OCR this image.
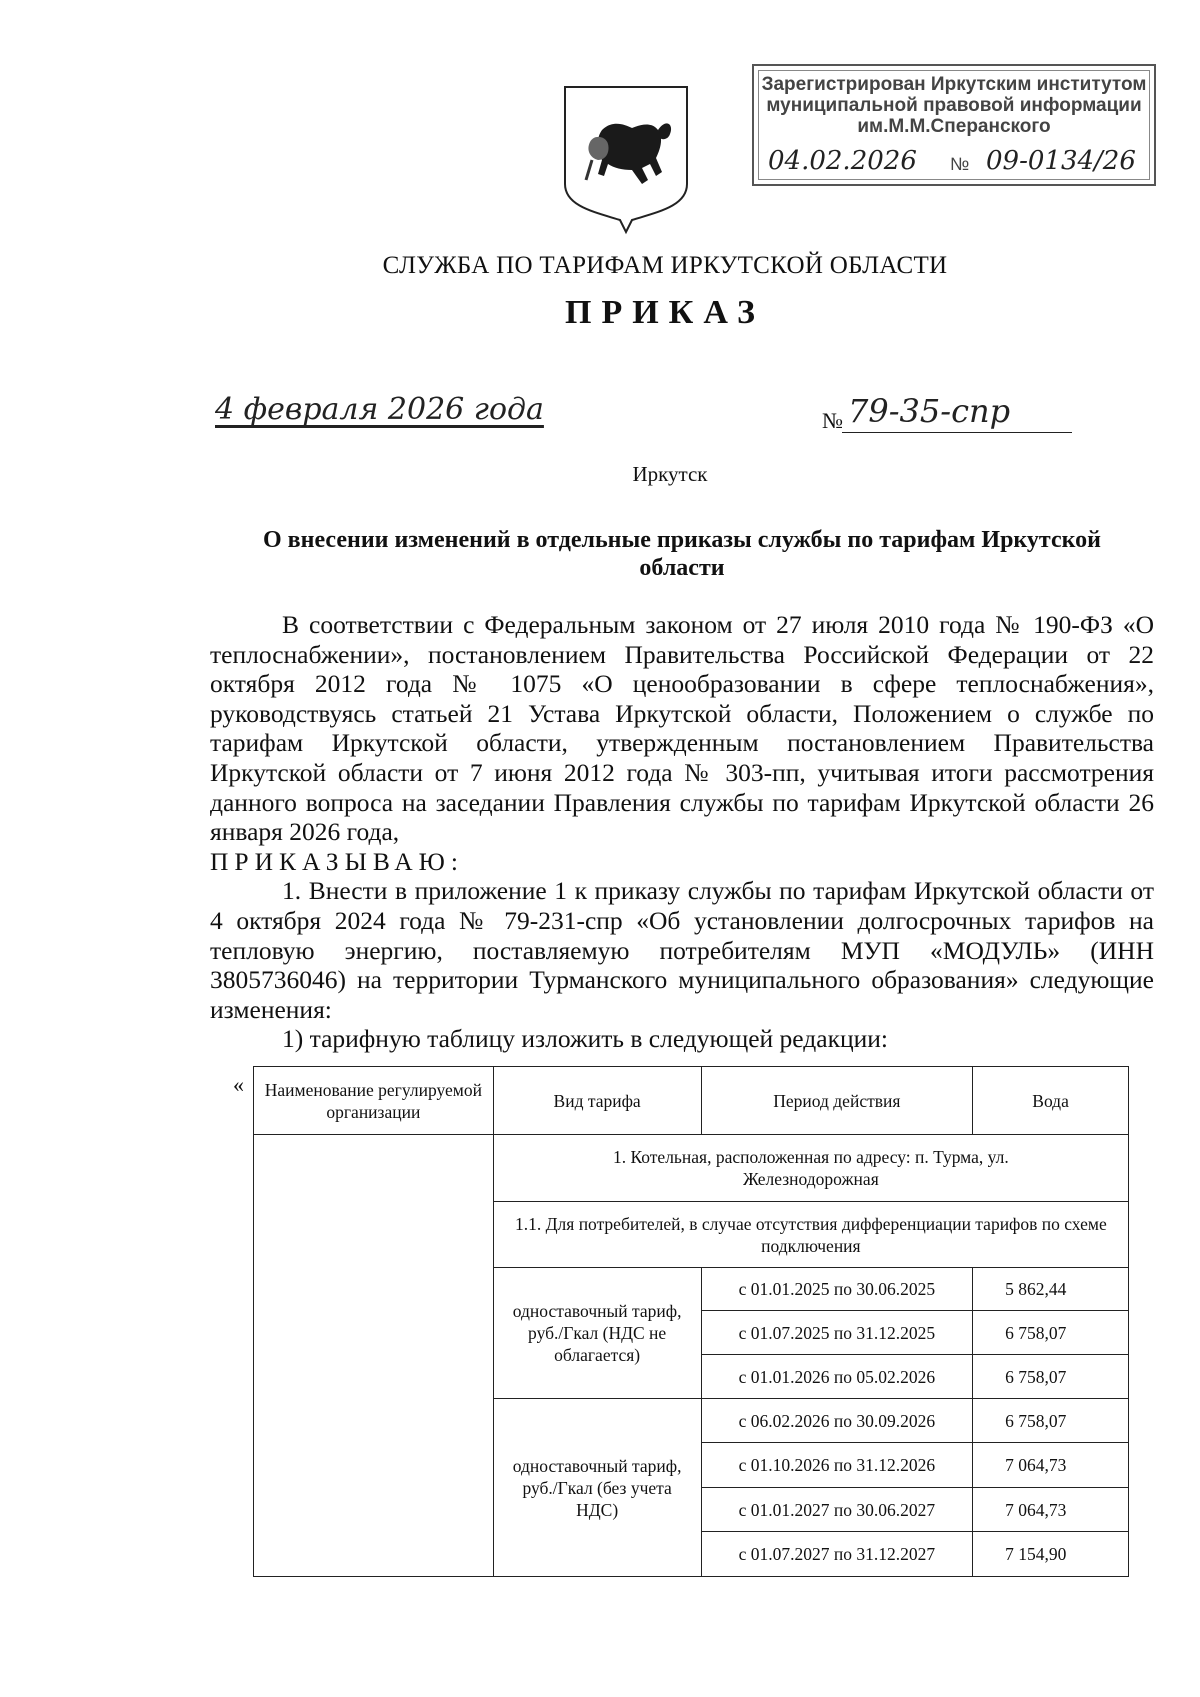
Зарегистрирован Иркутским институтом
муниципальной правовой информации
им.М.М.Сперанского
04.02.2026 № 09-0134/26
СЛУЖБА ПО ТАРИФАМ ИРКУТСКОЙ ОБЛАСТИ
ПРИКАЗ
4 февраля 2026 года	№ 79-35-спр
Иркутск
О внесении изменений в отдельные приказы службы по тарифам Иркутской
области

В соответствии с Федеральным законом от 27 июля 2010 года № 190-ФЗ «О теплоснабжении», постановлением Правительства Российской Федерации от 22 октября 2012 года № 1075 «О ценообразовании в сфере теплоснабжения», руководствуясь статьей 21 Устава Иркутской области, Положением о службе по тарифам Иркутской области, утвержденным постановлением Правительства Иркутской области от 7 июня 2012 года № 303-пп, учитывая итоги рассмотрения данного вопроса на заседании Правления службы по тарифам Иркутской области 26 января 2026 года,

ПРИКАЗЫВАЮ:

1. Внести в приложение 1 к приказу службы по тарифам Иркутской области от 4 октября 2024 года № 79-231-спр «Об установлении долгосрочных тарифов на тепловую энергию, поставляемую потребителям МУП «МОДУЛЬ» (ИНН 3805736046) на территории Турманского муниципального образования» следующие изменения:

1) тарифную таблицу изложить в следующей редакции:

« Наименование регулируемой организации	Вид тарифа	Период действия	Вода
	1. Котельная, расположенная по адресу: п. Турма, ул. Железнодорожная		
	1.1. Для потребителей, в случае отсутствия дифференциации тарифов по схеме подключения		
	одноставочный тариф, руб./Гкал (НДС не облагается)	с 01.01.2025 по 30.06.2025	5 862,44
		с 01.07.2025 по 31.12.2025	6 758,07
		с 01.01.2026 по 05.02.2026	6 758,07
	одноставочный тариф, руб./Гкал (без учета НДС)	с 06.02.2026 по 30.09.2026	6 758,07
		с 01.10.2026 по 31.12.2026	7 064,73
		с 01.01.2027 по 30.06.2027	7 064,73
		с 01.07.2027 по 31.12.2027	7 154,90
